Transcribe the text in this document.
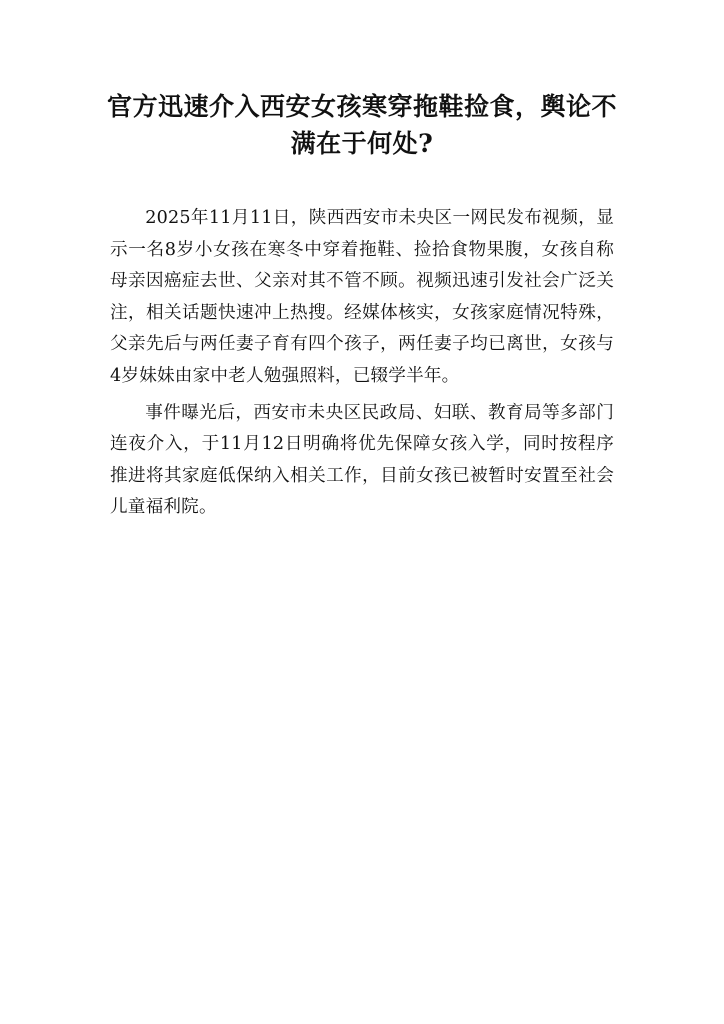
官方迅速介入西安女孩寒穿拖鞋捡食，舆论不满在于何处?

2025年11月11日，陕西西安市未央区一网民发布视频，显示一名8岁小女孩在寒冬中穿着拖鞋、捡拾食物果腹，女孩自称母亲因癌症去世、父亲对其不管不顾。视频迅速引发社会广泛关注，相关话题快速冲上热搜。经媒体核实，女孩家庭情况特殊，父亲先后与两任妻子育有四个孩子，两任妻子均已离世，女孩与4岁妹妹由家中老人勉强照料，已辍学半年。

事件曝光后，西安市未央区民政局、妇联、教育局等多部门连夜介入，于11月12日明确将优先保障女孩入学，同时按程序推进将其家庭低保纳入相关工作，目前女孩已被暂时安置至社会儿童福利院。
